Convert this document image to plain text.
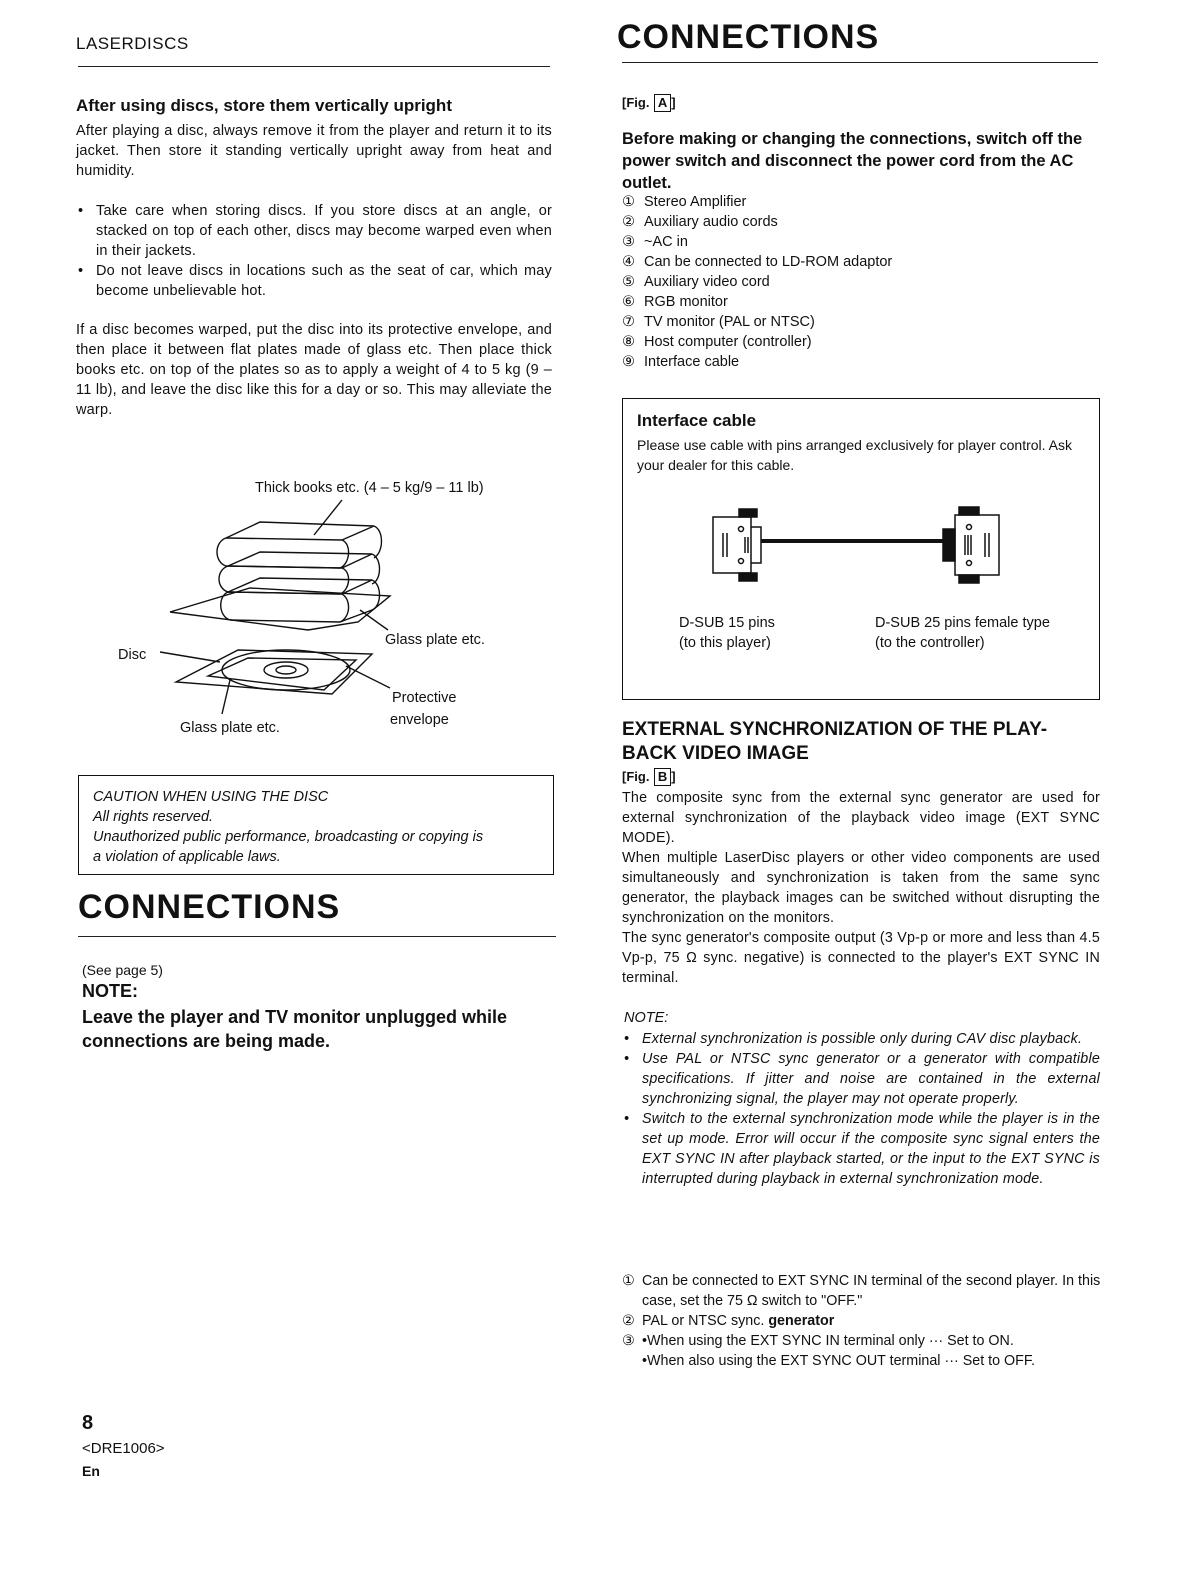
LASERDISCS
After using discs, store them vertically upright

After playing a disc, always remove it from the player and return it to its jacket. Then store it standing vertically upright away from heat and humidity.

• Take care when storing discs. If you store discs at an angle, or stacked on top of each other, discs may become warped even when in their jackets.

• Do not leave discs in locations such as the seat of car, which may become unbelievable hot.

If a disc becomes warped, put the disc into its protective envelope, and then place it between flat plates made of glass etc. Then place thick books etc. on top of the plates so as to apply a weight of 4 to 5 kg (9 – 11 lb), and leave the disc like this for a day or so. This may alleviate the warp.

Thick books etc. (4 – 5 kg/9 – 11 lb)
Glass plate etc.
Disc
Protective
envelope
Glass plate etc.

CAUTION WHEN USING THE DISC

All rights reserved.

Unauthorized public performance, broadcasting or copying is

a violation of applicable laws.

CONNECTIONS
(See page 5)
NOTE:

Leave the player and TV monitor unplugged while connections are being made.

8
<DRE1006>
En
CONNECTIONS
[Fig. A ]

Before making or changing the connections, switch off the power switch and disconnect the power cord from the AC outlet.

① Stereo Amplifier
② Auxiliary audio cords
③ ~AC in
④ Can be connected to LD-ROM adaptor
⑤ Auxiliary video cord
⑥ RGB monitor
⑦ TV monitor (PAL or NTSC)
⑧ Host computer (controller)
⑨ Interface cable
Interface cable

Please use cable with pins arranged exclusively for player control. Ask your dealer for this cable.

D-SUB 15 pins
(to this player)
D-SUB 25 pins female type
(to the controller)
EXTERNAL SYNCHRONIZATION OF THE PLAY-
BACK VIDEO IMAGE
[Fig. B ]

The composite sync from the external sync generator are used for external synchronization of the playback video image (EXT SYNC MODE).

When multiple LaserDisc players or other video components are used simultaneously and synchronization is taken from the same sync generator, the playback images can be switched without disrupting the synchronization on the monitors.

The sync generator's composite output (3 Vp-p or more and less than 4.5 Vp-p, 75 Ω sync. negative) is connected to the player's EXT SYNC IN terminal.

NOTE:

• External synchronization is possible only during CAV disc playback.

• Use PAL or NTSC sync generator or a generator with compatible specifications. If jitter and noise are contained in the external synchronizing signal, the player may not operate properly.

• Switch to the external synchronization mode while the player is in the set up mode. Error will occur if the composite sync signal enters the EXT SYNC IN after playback started, or the input to the EXT SYNC is interrupted during playback in external synchronization mode.

① Can be connected to EXT SYNC IN terminal of the second player. In this case, set the 75 Ω switch to "OFF."
② PAL or NTSC sync. generator
③ •When using the EXT SYNC IN terminal only ··· Set to ON.
•When also using the EXT SYNC OUT terminal ··· Set to OFF.
